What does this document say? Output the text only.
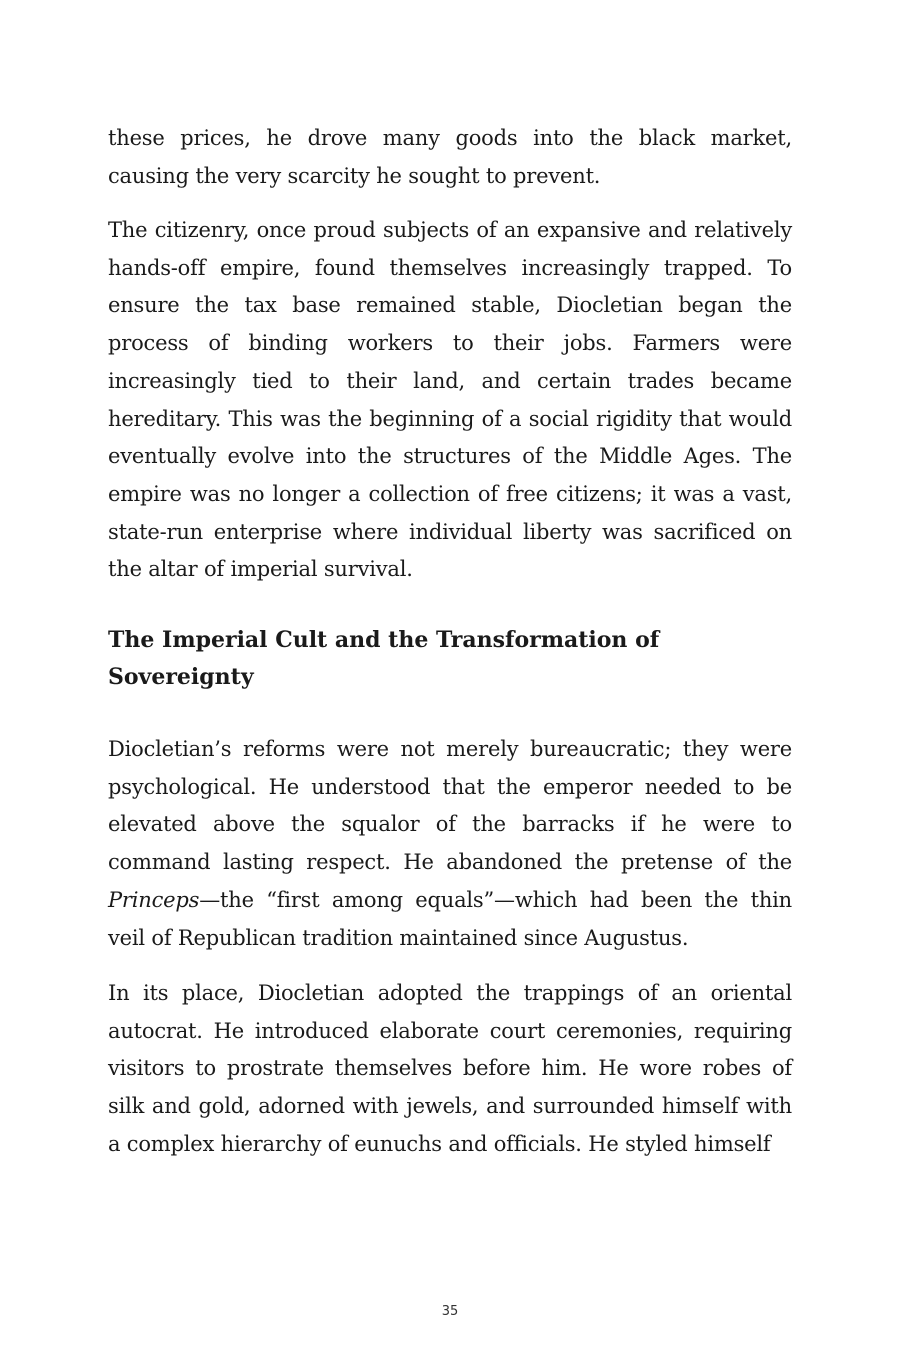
these prices, he drove many goods into the black market, causing the very scarcity he sought to prevent.

The citizenry, once proud subjects of an expansive and relatively hands-off empire, found themselves increasingly trapped. To ensure the tax base remained stable, Diocletian began the process of binding workers to their jobs. Farmers were increasingly tied to their land, and certain trades became hereditary. This was the beginning of a social rigidity that would eventually evolve into the structures of the Middle Ages. The empire was no longer a collection of free citizens; it was a vast, state-run enterprise where individual liberty was sacrificed on the altar of imperial survival.

The Imperial Cult and the Transformation of Sovereignty

Diocletian’s reforms were not merely bureaucratic; they were psychological. He understood that the emperor needed to be elevated above the squalor of the barracks if he were to command lasting respect. He abandoned the pretense of the Princeps—the “first among equals”—which had been the thin veil of Republican tradition maintained since Augustus.

In its place, Diocletian adopted the trappings of an oriental autocrat. He introduced elaborate court ceremonies, requiring visitors to prostrate themselves before him. He wore robes of silk and gold, adorned with jewels, and surrounded himself with a complex hierarchy of eunuchs and officials. He styled himself

35
